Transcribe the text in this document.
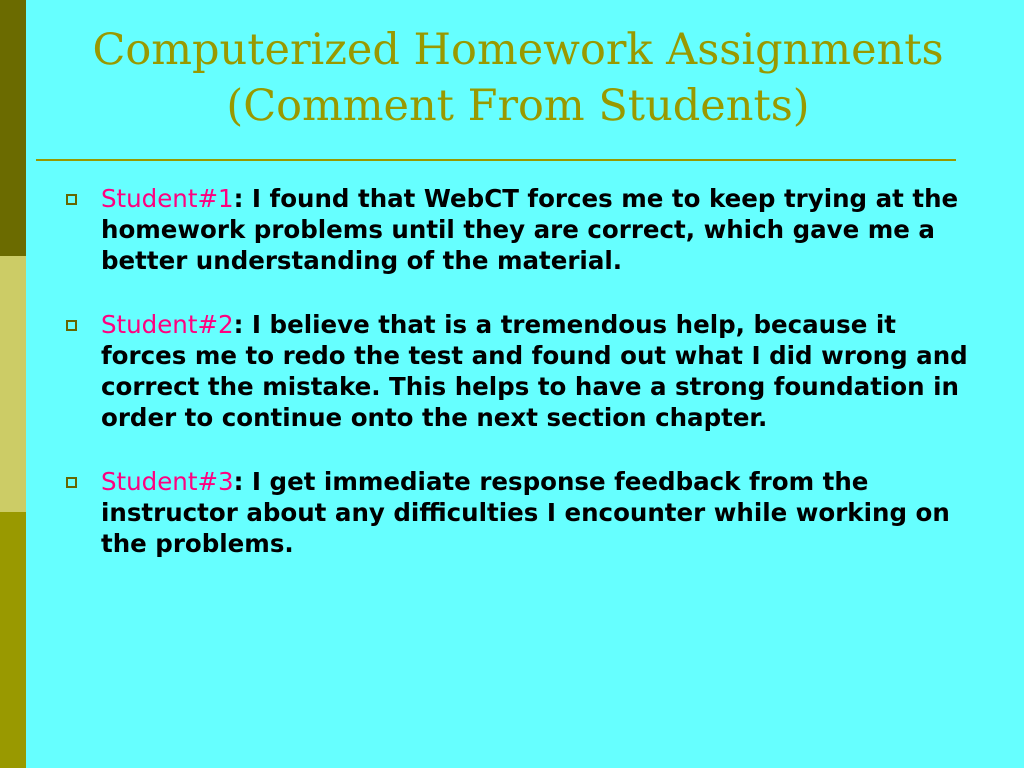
Computerized Homework Assignments
(Comment From Students)
Student#1: I found that WebCT forces me to keep trying at the homework problems until they are correct, which gave me a better understanding of the material.
Student#2: I believe that is a tremendous help, because it forces me to redo the test and found out what I did wrong and correct the mistake. This helps to have a strong foundation in order to continue onto the next section chapter.
Student#3: I get immediate response feedback from the instructor about any difficulties I encounter while working on the problems.
